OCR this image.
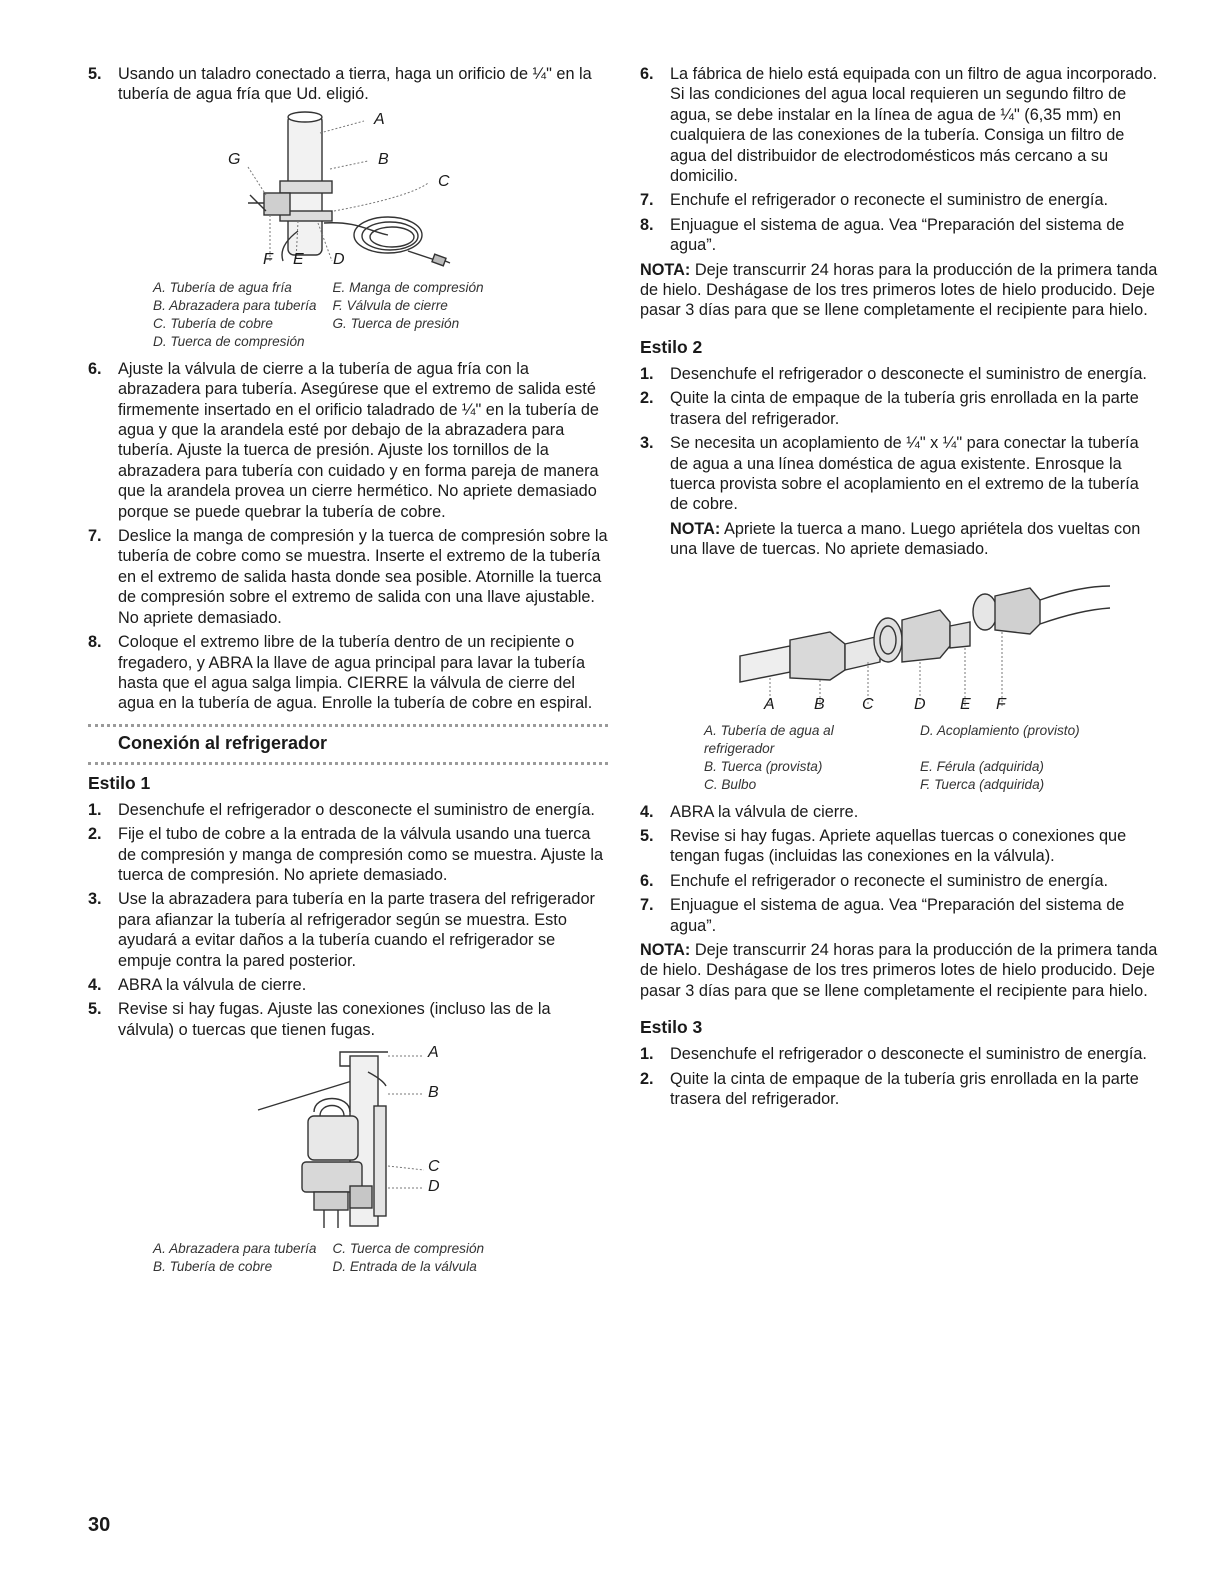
5. Usando un taladro conectado a tierra, haga un orificio de ¼" en la tubería de agua fría que Ud. eligió.
A
B
C
G
F E D
A. Tubería de agua fría	E. Manga de compresión
B. Abrazadera para tubería	F. Válvula de cierre
C. Tubería de cobre	G. Tuerca de presión
D. Tuerca de compresión	
6. Ajuste la válvula de cierre a la tubería de agua fría con la abrazadera para tubería. Asegúrese que el extremo de salida esté firmemente insertado en el orificio taladrado de ¼" en la tubería de agua y que la arandela esté por debajo de la abrazadera para tubería. Ajuste la tuerca de presión. Ajuste los tornillos de la abrazadera para tubería con cuidado y en forma pareja de manera que la arandela provea un cierre hermético. No apriete demasiado porque se puede quebrar la tubería de cobre.
7. Deslice la manga de compresión y la tuerca de compresión sobre la tubería de cobre como se muestra. Inserte el extremo de la tubería en el extremo de salida hasta donde sea posible. Atornille la tuerca de compresión sobre el extremo de salida con una llave ajustable. No apriete demasiado.
8. Coloque el extremo libre de la tubería dentro de un recipiente o fregadero, y ABRA la llave de agua principal para lavar la tubería hasta que el agua salga limpia. CIERRE la válvula de cierre del agua en la tubería de agua. Enrolle la tubería de cobre en espiral.
Conexión al refrigerador
Estilo 1
1. Desenchufe el refrigerador o desconecte el suministro de energía.
2. Fije el tubo de cobre a la entrada de la válvula usando una tuerca de compresión y manga de compresión como se muestra. Ajuste la tuerca de compresión. No apriete demasiado.
3. Use la abrazadera para tubería en la parte trasera del refrigerador para afianzar la tubería al refrigerador según se muestra. Esto ayudará a evitar daños a la tubería cuando el refrigerador se empuje contra la pared posterior.
4. ABRA la válvula de cierre.
5. Revise si hay fugas. Ajuste las conexiones (incluso las de la válvula) o tuercas que tienen fugas.
A
B
C
D
A. Abrazadera para tubería	C. Tuerca de compresión
B. Tubería de cobre	D. Entrada de la válvula
6. La fábrica de hielo está equipada con un filtro de agua incorporado. Si las condiciones del agua local requieren un segundo filtro de agua, se debe instalar en la línea de agua de ¼" (6,35 mm) en cualquiera de las conexiones de la tubería. Consiga un filtro de agua del distribuidor de electrodomésticos más cercano a su domicilio.
7. Enchufe el refrigerador o reconecte el suministro de energía.
8. Enjuague el sistema de agua. Vea “Preparación del sistema de agua”.
NOTA: Deje transcurrir 24 horas para la producción de la primera tanda de hielo. Deshágase de los tres primeros lotes de hielo producido. Deje pasar 3 días para que se llene completamente el recipiente para hielo.
Estilo 2
1. Desenchufe el refrigerador o desconecte el suministro de energía.
2. Quite la cinta de empaque de la tubería gris enrollada en la parte trasera del refrigerador.
3. Se necesita un acoplamiento de ¼" x ¼" para conectar la tubería de agua a una línea doméstica de agua existente. Enrosque la tuerca provista sobre el acoplamiento en el extremo de la tubería de cobre.
NOTA: Apriete la tuerca a mano. Luego apriétela dos vueltas con una llave de tuercas. No apriete demasiado.
A B C	D E F
A. Tubería de agua al refrigerador	D. Acoplamiento (provisto)
B. Tuerca (provista)	E. Férula (adquirida)
C. Bulbo	F. Tuerca (adquirida)
4. ABRA la válvula de cierre.
5. Revise si hay fugas. Apriete aquellas tuercas o conexiones que tengan fugas (incluidas las conexiones en la válvula).
6. Enchufe el refrigerador o reconecte el suministro de energía.
7. Enjuague el sistema de agua. Vea “Preparación del sistema de agua”.
NOTA: Deje transcurrir 24 horas para la producción de la primera tanda de hielo. Deshágase de los tres primeros lotes de hielo producido. Deje pasar 3 días para que se llene completamente el recipiente para hielo.
Estilo 3
1. Desenchufe el refrigerador o desconecte el suministro de energía.
2. Quite la cinta de empaque de la tubería gris enrollada en la parte trasera del refrigerador.
30
